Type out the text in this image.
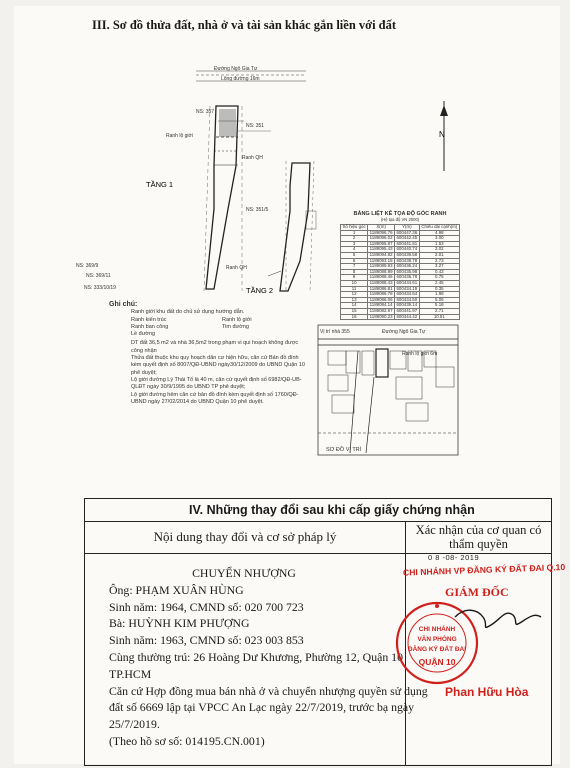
III. Sơ đồ thửa đất, nhà ở và tài sản khác gắn liền với đất
Đường Ngô Gia Tự
Lộng đường 16m
NS: 357
NS: 351
Ranh lộ giới
Ranh QH
NS: 351/5
TẦNG 1
NS: 369/9
NS: 369/11
NS: 333/10/19
Ranh QH
TẦNG 2
N
Vị trí nhà 355	Đường Ngô Gia Tự
Ranh lộ giới 6m
SƠ ĐỒ VỊ TRÍ
Ghi chú:
Ranh giới khu đất do chủ sử dụng hướng dẫn.
Ranh kiến trúc	Ranh lộ giới
Ranh ban công	Tim đường
Lề đường
DT đất 36,5 m2 và nhà 36,5m2 trong phạm vi qui hoạch không được công nhận
Thửa đất thuộc khu quy hoạch dân cư hiện hữu, căn cứ Bản đồ đính kèm quyết định số 8007/QĐ-UBND ngày30/12/2009 do UBND Quận 10 phê duyệt;
Lộ giới đường Lý Thái Tổ là 40 m, căn cứ quyết định số 6982/QĐ-UB-QLĐT ngày 30/9/1995 do UBND TP phê duyệt;
Lộ giới đường hẻm căn cứ bản đồ đính kèm quyết định số 1760/QĐ-UBND ngày 27/02/2014 do UBND Quận 10 phê duyệt.
BẢNG LIỆT KÊ TỌA ĐỘ GÓC RANH
(Hệ tọa độ VN 2000)
Số hiệu góc	X(m)	Y(m)	Chiều dài cạnh(m)
1	1189096.76	600447.36	4.98
2	1189096.02	600442.45	3.00
3	1189095.87	600441.81	1.53
4	1189095.43	600440.74	3.02
5	1189094.82	600439.58	2.01
6	1189093.18	600438.78	2.73
7	1189089.93	600436.24	3.27
8	1189088.89	600435.98	0.43
9	1189088.46	600435.78	0.75
10	1189088.43	600434.61	2.45
11	1189086.81	600434.19	0.35
12	1189086.78	600434.54	1.98
13	1189086.06	600434.50	5.06
14	1189084.14	600439.14	5.18
15	1189082.97	600441.97	2.71
16	1189090.23	600444.42	10.51
IV. Những thay đổi sau khi cấp giấy chứng nhận
Nội dung thay đổi và cơ sở pháp lý	Xác nhận của cơ quan có thẩm quyền
CHUYỂN NHƯỢNG
Ông: PHẠM XUÂN HÙNG
Sinh năm: 1964, CMND số: 020 700 723
Bà: HUỲNH KIM PHƯỢNG
Sinh năm: 1963, CMND số: 023 003 853
Cùng thường trú: 26 Hoàng Dư Khương, Phường 12, Quận 10
TP.HCM
Căn cứ Hợp đồng mua bán nhà ở và chuyển nhượng quyền sử dụng
đất số 6669 lập tại VPCC An Lạc ngày 22/7/2019, trước bạ ngày
25/7/2019.
(Theo hồ sơ số: 014195.CN.001)
0 8 -08- 2019
CHI NHÁNH VP ĐĂNG KÝ ĐẤT ĐAI Q.10
GIÁM ĐỐC
CHI NHÁNH
VĂN PHÒNG
ĐĂNG KÝ ĐẤT ĐAI
QUẬN 10
Phan Hữu Hòa
